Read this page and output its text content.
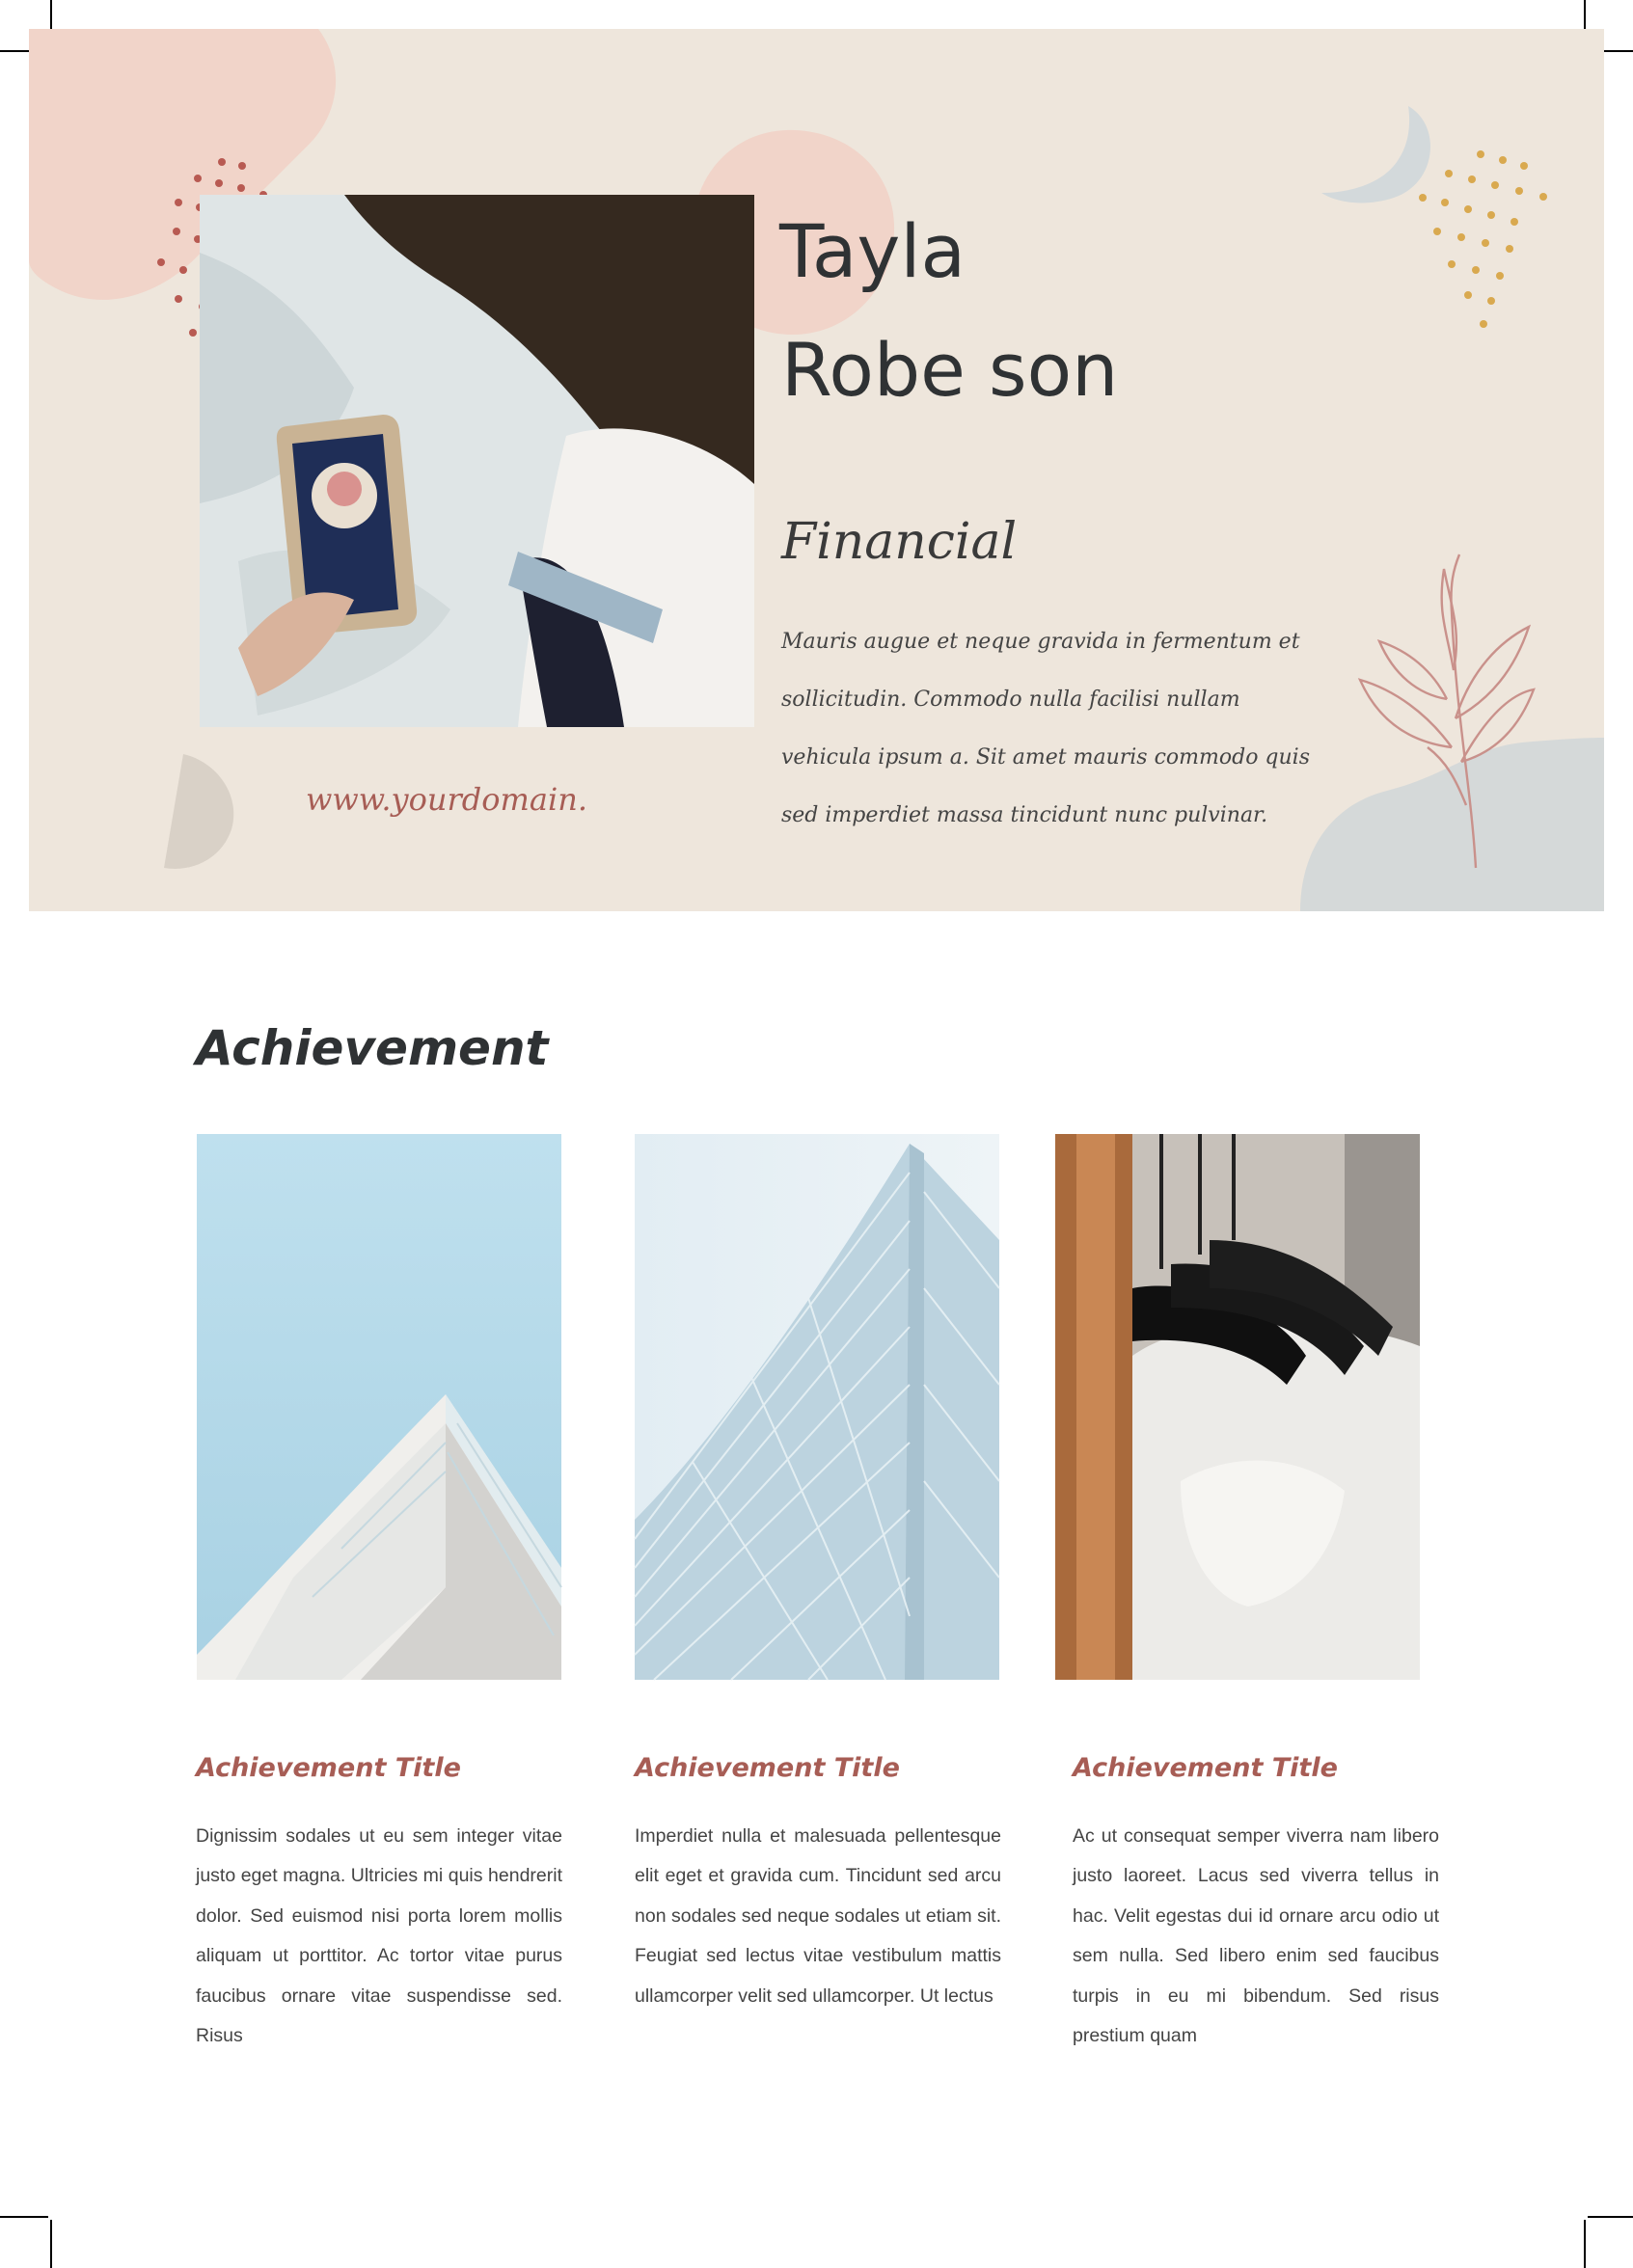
Tayla
Robe son
Financial
Mauris augue et neque gravida in fermentum et sollicitudin. Commodo nulla facilisi nullam vehicula ipsum a. Sit amet mauris commodo quis sed imperdiet massa tincidunt nunc pulvinar.
www.yourdomain.
Achievement
Achievement Title	Achievement Title	Achievement Title
Dignissim sodales ut eu sem integer vitae justo eget magna. Ultricies mi quis hendrerit dolor. Sed euismod nisi porta lorem mollis aliquam ut porttitor. Ac tortor vitae purus faucibus ornare vitae suspendisse sed. Risus
Imperdiet nulla et malesuada pellentesque elit eget et gravida cum. Tincidunt sed arcu non sodales sed neque sodales ut etiam sit. Feugiat sed lectus vitae vestibulum mattis ullamcorper velit sed ullamcorper. Ut lectus
Ac ut consequat semper viverra nam libero justo laoreet. Lacus sed viverra tellus in hac. Velit egestas dui id ornare arcu odio ut sem nulla. Sed libero enim sed faucibus turpis in eu mi bibendum. Sed risus prestium quam
